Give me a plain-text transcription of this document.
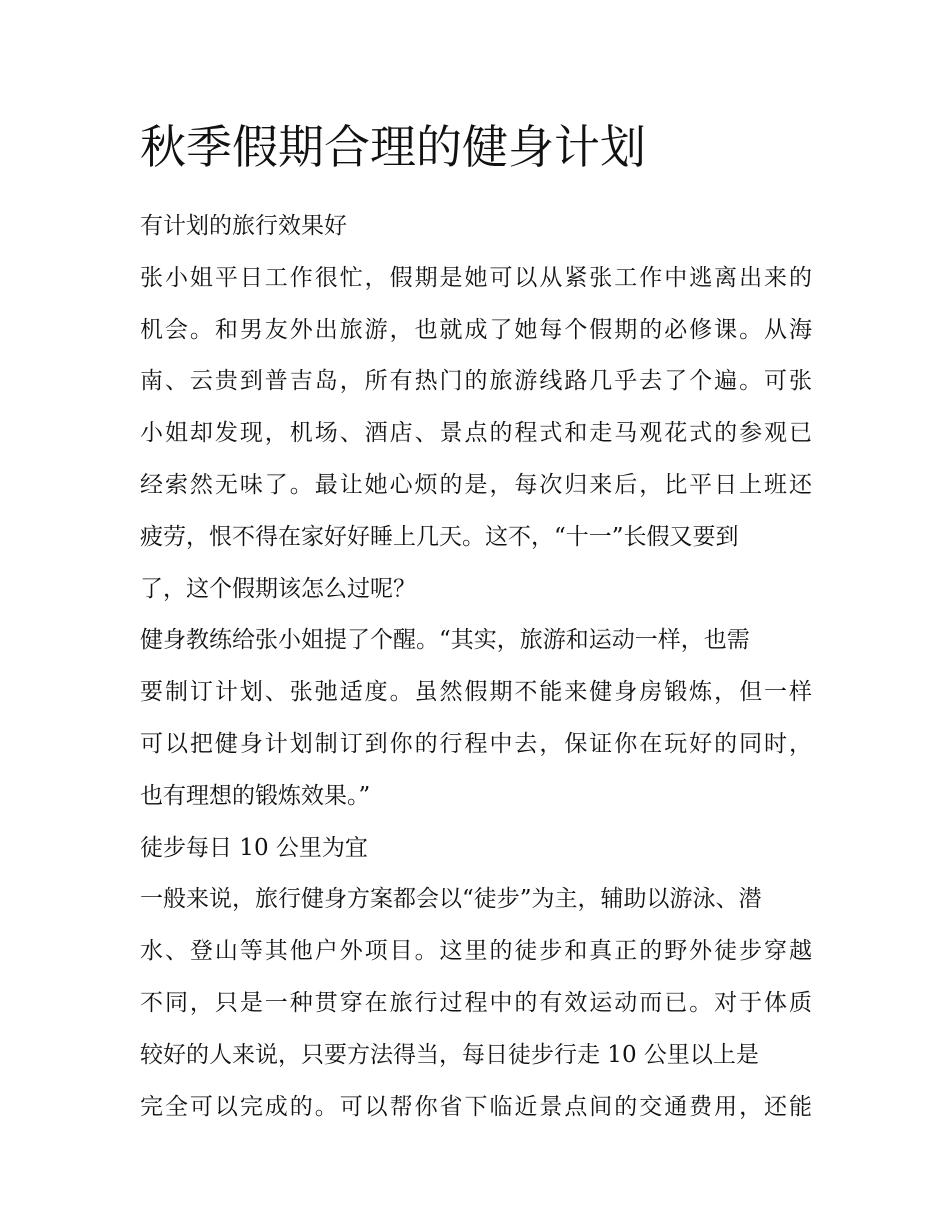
秋季假期合理的健身计划
有计划的旅行效果好
张小姐平日工作很忙，假期是她可以从紧张工作中逃离出来的
机会。和男友外出旅游，也就成了她每个假期的必修课。从海
南、云贵到普吉岛，所有热门的旅游线路几乎去了个遍。可张
小姐却发现，机场、酒店、景点的程式和走马观花式的参观已
经索然无味了。最让她心烦的是，每次归来后，比平日上班还
疲劳，恨不得在家好好睡上几天。这不，“十一”长假又要到
了，这个假期该怎么过呢？
健身教练给张小姐提了个醒。“其实，旅游和运动一样，也需
要制订计划、张弛适度。虽然假期不能来健身房锻炼，但一样
可以把健身计划制订到你的行程中去，保证你在玩好的同时，
也有理想的锻炼效果。”
徒步每日 10 公里为宜
一般来说，旅行健身方案都会以“徒步”为主，辅助以游泳、潜
水、登山等其他户外项目。这里的徒步和真正的野外徒步穿越
不同，只是一种贯穿在旅行过程中的有效运动而已。对于体质
较好的人来说，只要方法得当，每日徒步行走 10 公里以上是
完全可以完成的。可以帮你省下临近景点间的交通费用，还能
